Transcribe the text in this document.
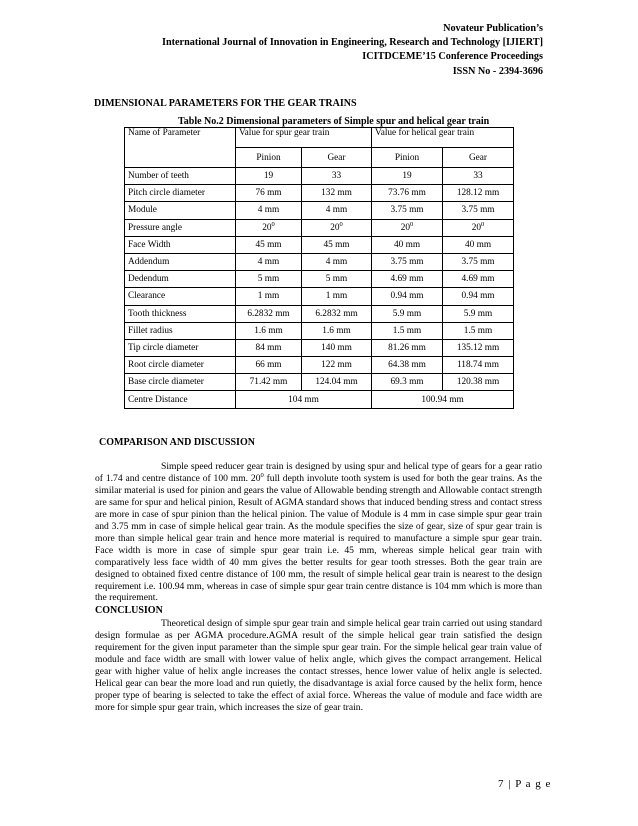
Novateur Publication’s
International Journal of Innovation in Engineering, Research and Technology [IJIERT]
ICITDCEME’15 Conference Proceedings
ISSN No - 2394-3696
DIMENSIONAL PARAMETERS FOR THE GEAR TRAINS
Table No.2 Dimensional parameters of Simple spur and helical gear train
Name of Parameter	Value for spur gear train		Value for helical gear train	
	Pinion	Gear	Pinion	Gear
Number of teeth	19	33	19	33
Pitch circle diameter	76 mm	132 mm	73.76 mm	128.12 mm
Module	4 mm	4 mm	3.75 mm	3.75 mm
Pressure angle	$20^0$	$20^0$	$20^0$	$20^0$
Face Width	45 mm	45 mm	40 mm	40 mm
Addendum	4 mm	4 mm	3.75 mm	3.75 mm
Dedendum	5 mm	5 mm	4.69 mm	4.69 mm
Clearance	1 mm	1 mm	0.94 mm	0.94 mm
Tooth thickness	6.2832 mm	6.2832 mm	5.9 mm	5.9 mm
Fillet radius	1.6 mm	1.6 mm	1.5 mm	1.5 mm
Tip circle diameter	84 mm	140 mm	81.26 mm	135.12 mm
Root circle diameter	66 mm	122 mm	64.38 mm	118.74 mm
Base circle diameter	71.42 mm	124.04 mm	69.3 mm	120.38 mm
Centre Distance	104 mm		100.94 mm	
COMPARISON AND DISCUSSION

Simple speed reducer gear train is designed by using spur and helical type of gears for a gear ratio of 1.74 and centre distance of 100 mm. $20^0$ full depth involute tooth system is used for both the gear trains. As the similar material is used for pinion and gears the value of Allowable bending strength and Allowable contact strength are same for spur and helical pinion, Result of AGMA standard shows that induced bending stress and contact stress are more in case of spur pinion than the helical pinion. The value of Module is 4 mm in case simple spur gear train and 3.75 mm in case of simple helical gear train. As the module specifies the size of gear, size of spur gear train is more than simple helical gear train and hence more material is required to manufacture a simple spur gear train. Face width is more in case of simple spur gear train i.e. 45 mm, whereas simple helical gear train with comparatively less face width of 40 mm gives the better results for gear tooth stresses. Both the gear train are designed to obtained fixed centre distance of 100 mm, the result of simple helical gear train is nearest to the design requirement i.e. 100.94 mm, whereas in case of simple spur gear train centre distance is 104 mm which is more than the requirement.

CONCLUSION

Theoretical design of simple spur gear train and simple helical gear train carried out using standard design formulae as per AGMA procedure.AGMA result of the simple helical gear train satisfied the design requirement for the given input parameter than the simple spur gear train. For the simple helical gear train value of module and face width are small with lower value of helix angle, which gives the compact arrangement. Helical gear with higher value of helix angle increases the contact stresses, hence lower value of helix angle is selected. Helical gear can bear the more load and run quietly, the disadvantage is axial force caused by the helix form, hence proper type of bearing is selected to take the effect of axial force. Whereas the value of module and face width are more for simple spur gear train, which increases the size of gear train.

7 | P a g e
